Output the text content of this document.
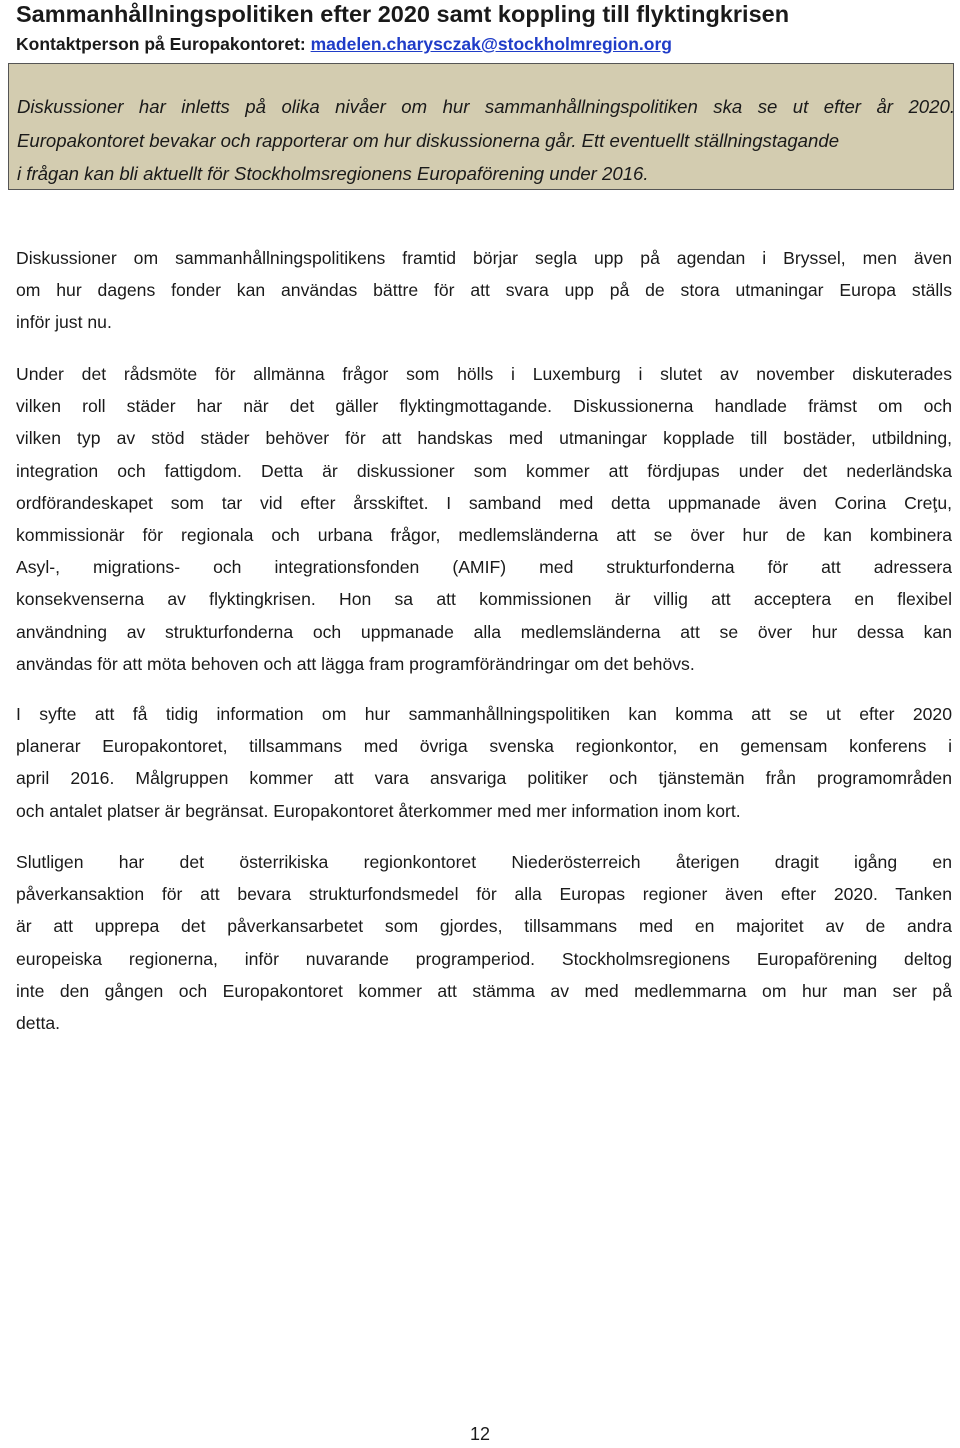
Sammanhållningspolitiken efter 2020 samt koppling till flyktingkrisen
Kontaktperson på Europakontoret: madelen.charysczak@stockholmregion.org
Diskussioner har inletts på olika nivåer om hur sammanhållningspolitiken ska se ut efter år 2020.
Europakontoret bevakar och rapporterar om hur diskussionerna går. Ett eventuellt ställningstagande
i frågan kan bli aktuellt för Stockholmsregionens Europaförening under 2016.
Diskussioner om sammanhållningspolitikens framtid börjar segla upp på agendan i Bryssel, men även
om hur dagens fonder kan användas bättre för att svara upp på de stora utmaningar Europa ställs
inför just nu.
Under det rådsmöte för allmänna frågor som hölls i Luxemburg i slutet av november diskuterades
vilken roll städer har när det gäller flyktingmottagande. Diskussionerna handlade främst om och
vilken typ av stöd städer behöver för att handskas med utmaningar kopplade till bostäder, utbildning,
integration och fattigdom. Detta är diskussioner som kommer att fördjupas under det nederländska
ordförandeskapet som tar vid efter årsskiftet. I samband med detta uppmanade även Corina Creţu,
kommissionär för regionala och urbana frågor, medlemsländerna att se över hur de kan kombinera
Asyl-, migrations- och integrationsfonden (AMIF) med strukturfonderna för att adressera
konsekvenserna av flyktingkrisen. Hon sa att kommissionen är villig att acceptera en flexibel
användning av strukturfonderna och uppmanade alla medlemsländerna att se över hur dessa kan
användas för att möta behoven och att lägga fram programförändringar om det behövs.
I syfte att få tidig information om hur sammanhållningspolitiken kan komma att se ut efter 2020
planerar Europakontoret, tillsammans med övriga svenska regionkontor, en gemensam konferens i
april 2016. Målgruppen kommer att vara ansvariga politiker och tjänstemän från programområden
och antalet platser är begränsat. Europakontoret återkommer med mer information inom kort.
Slutligen har det österrikiska regionkontoret Niederösterreich återigen dragit igång en
påverkansaktion för att bevara strukturfondsmedel för alla Europas regioner även efter 2020. Tanken
är att upprepa det påverkansarbetet som gjordes, tillsammans med en majoritet av de andra
europeiska regionerna, inför nuvarande programperiod. Stockholmsregionens Europaförening deltog
inte den gången och Europakontoret kommer att stämma av med medlemmarna om hur man ser på
detta.
12
